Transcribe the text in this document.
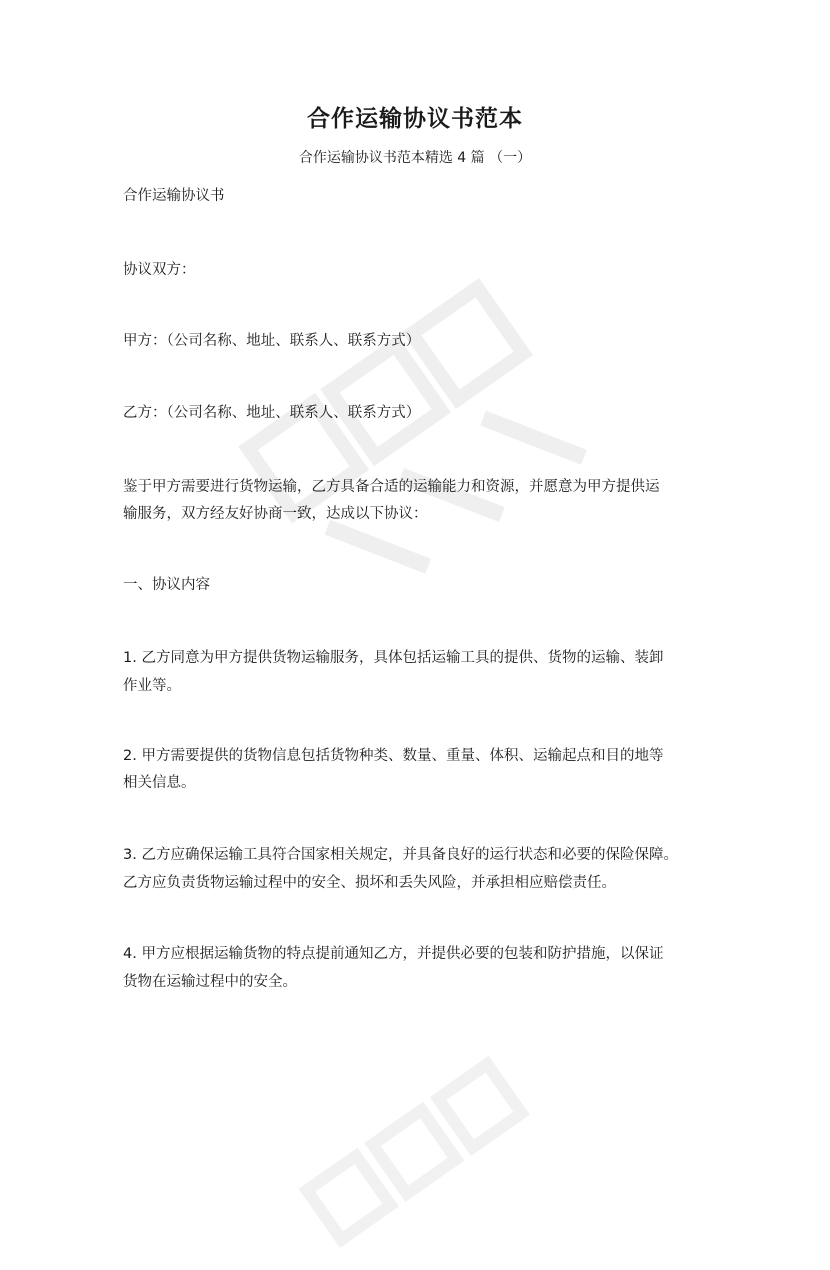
合作运输协议书范本
合作运输协议书范本精选 4 篇 （一）
合作运输协议书
协议双方：
甲方：（公司名称、地址、联系人、联系方式）
乙方：（公司名称、地址、联系人、联系方式）
鉴于甲方需要进行货物运输，乙方具备合适的运输能力和资源，并愿意为甲方提供运
输服务，双方经友好协商一致，达成以下协议：
一、协议内容
1. 乙方同意为甲方提供货物运输服务，具体包括运输工具的提供、货物的运输、装卸
作业等。
2. 甲方需要提供的货物信息包括货物种类、数量、重量、体积、运输起点和目的地等
相关信息。
3. 乙方应确保运输工具符合国家相关规定，并具备良好的运行状态和必要的保险保障。
乙方应负责货物运输过程中的安全、损坏和丢失风险，并承担相应赔偿责任。
4. 甲方应根据运输货物的特点提前通知乙方，并提供必要的包装和防护措施，以保证
货物在运输过程中的安全。
